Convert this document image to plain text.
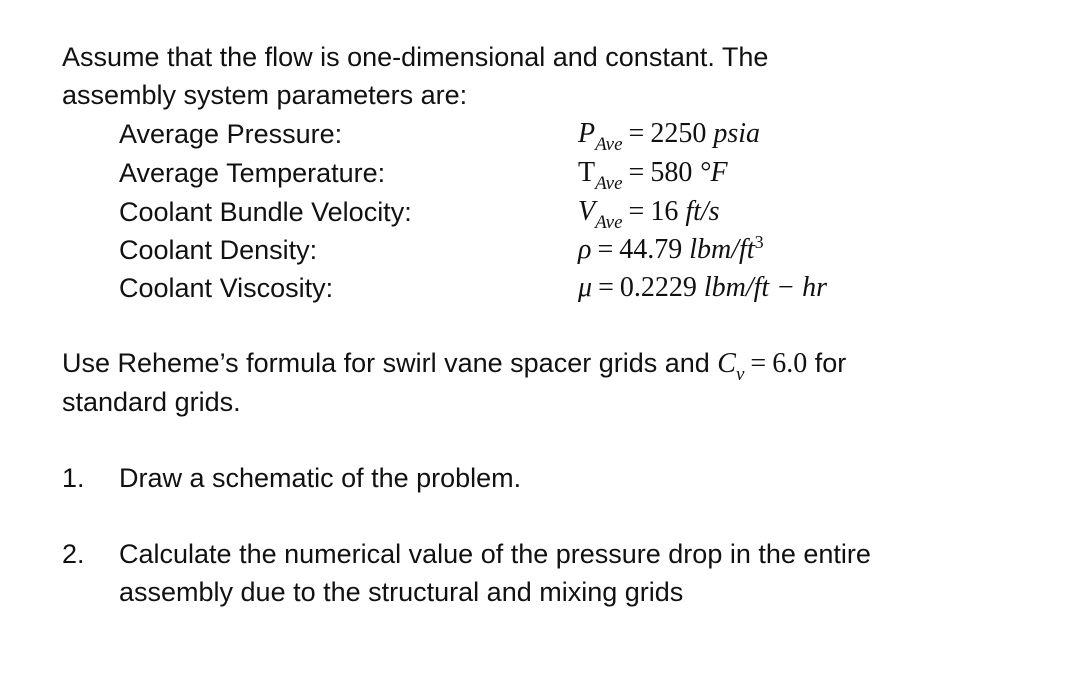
Assume that the flow is one-dimensional and constant. The
assembly system parameters are:
Average Pressure:	$P_{Ave} = 2250$ psia
Average Temperature:	$T_{Ave} = 580$ °F
Coolant Bundle Velocity:	$V_{Ave} = 16$ ft/s
Coolant Density:	ρ = 44.79 lbm/$ft^3$
Coolant Viscosity:	μ = 0.2229 lbm/ft − hr
Use Reheme’s formula for swirl vane spacer grids and $C_v = 6.0$ for
standard grids.
1. Draw a schematic of the problem.
2. Calculate the numerical value of the pressure drop in the entire
assembly due to the structural and mixing grids
